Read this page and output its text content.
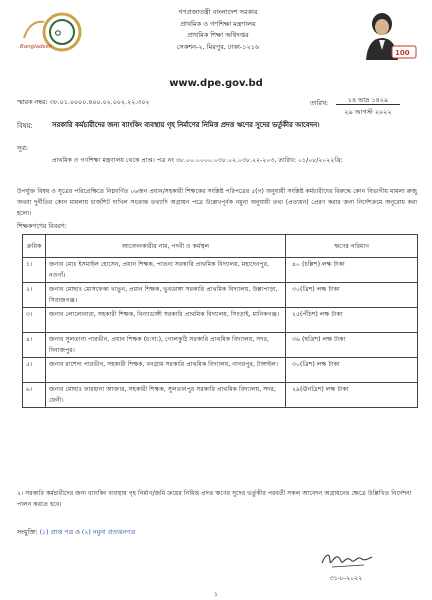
০
Bangladesh
গণপ্রজাতন্ত্রী বাংলাদেশ সরকার
প্রাথমিক ও গণশিক্ষা মন্ত্রণালয়
প্রাথমিক শিক্ষা অধিদপ্তর
সেকশন-২, মিরপুর, ঢাকা-১২১৬
100
www.dpe.gov.bd
স্মারক নম্বর: ৩৮.০১.০০০০.৪০০.০২.০০২.২২.৩০২	তারিখ:	১৪ ভাদ্র ১৪২৯
২৯ আগস্ট ২০২২
বিষয়:	সরকারি কর্মচারীদের জন্য ব্যাংকিং ব্যবস্থায় গৃহ নির্মাণের নিমিত্ত প্রদত্ত ঋণের সুদের ভর্তুকীর আবেদন।
সূত্র:
প্রাথমিক ও গণশিক্ষা মন্ত্রণালয় থেকে প্রাপ্ত। পত্র নং ৩৮.০০.০০০০.০৩৮.০২.০৩৮.২২-২০৩, তারিখ: ০১/০৮/২০২২খ্রি:
উপর্যুক্ত বিষয় ও সূত্রের পরিপ্রেক্ষিতে নিম্নবর্ণিত ০৬জন প্রধান/সহকারী শিক্ষকের সংশ্লিষ্ট পরিপত্রের ৫(গ) অনুযায়ী সংশ্লিষ্ট কর্মচারীদের বিরুদ্ধে কোন বিভাগীয় মামলা রুজু অথবা দুর্নীতির কোন মামলায় চার্জশিট দাখিল সংক্রান্ত তথ্যাদি অগ্রায়ন পত্রে উল্লেখপূর্বক নমুনা অনুযায়ী তথ্য (প্রত্যয়ন) প্রেরণ করার জন্য নির্দেশক্রমে অনুরোধ করা হলো।
শিক্ষকগণের বিবরণ:
ক্রমিক	আবেদনকারীর নাম, পদবী ও কর্মস্থল	ঋণের পরিমাণ
১।	জনাব মোঃ ইসমাইল হোসেন, প্রধান শিক্ষক, পাতনা সরকারি প্রাথমিক বিদ্যালয়, মহাদেবপুর, নওগাঁ।	৪০ (চল্লিশ) লক্ষ টাকা
২।	জনাব মোছাঃ মোসফেকা খাতুন, প্রধান শিক্ষক, ভুবডাঙ্গা সরকারি প্রাথমিক বিদ্যালয়, উল্লাপাড়া, সিরাজগঞ্জ।	৩০(ত্রিশ) লক্ষ টাকা
৩।	জনাব লোলোনারা, সহকারী শিক্ষক, বিন্যাডাঙ্গী সরকারি প্রাথমিক বিদ্যালয়, সিংড়াই, মানিকগঞ্জ।	২৫(পঁচিশ) লক্ষ টাকা
৪।	জনাব সুলতানা পারভীন, প্রধান শিক্ষক (চ:দা:), গোলকুঠি সরকারি প্রাথমিক বিদ্যালয়, সদর, দিনাজপুর।	৩৬ (ছত্রিশ) লক্ষ টাকা
৫।	জনাব রাশেদা পারভীন, সহকারী শিক্ষক, বনগ্রাম সরকারি প্রাথমিক বিদ্যালয়, নাগরপুর, টাঙ্গাইল।	৩০(ত্রিশ) লক্ষ টাকা
৬।	জনাব মোছাঃ ফারহানা আক্তার, সহকারী শিক্ষক, সুলতানপুর সরকারি প্রাথমিক বিদ্যালয়, সদর, ফেনী।	২৯(ঊনত্রিশ) লক্ষ টাকা
২। সরকারি কর্মচারীদের জন্য ব্যাংকিং ব্যবস্থায় গৃহ নির্মাণ/জমি ক্রয়ের নিমিত্ত প্রদত্ত ঋণের সুদের ভর্তুকীর পরবর্তী সকল আবেদন অগ্রায়নের ক্ষেত্রে উল্লিখিত নির্দেশনা পালন করতে হবে।
সংযুক্তি: (১) প্রাপ্ত পত্র ও (২) নমুনা প্রত্যয়নপত্র
৩১-৮-২০২২
১
